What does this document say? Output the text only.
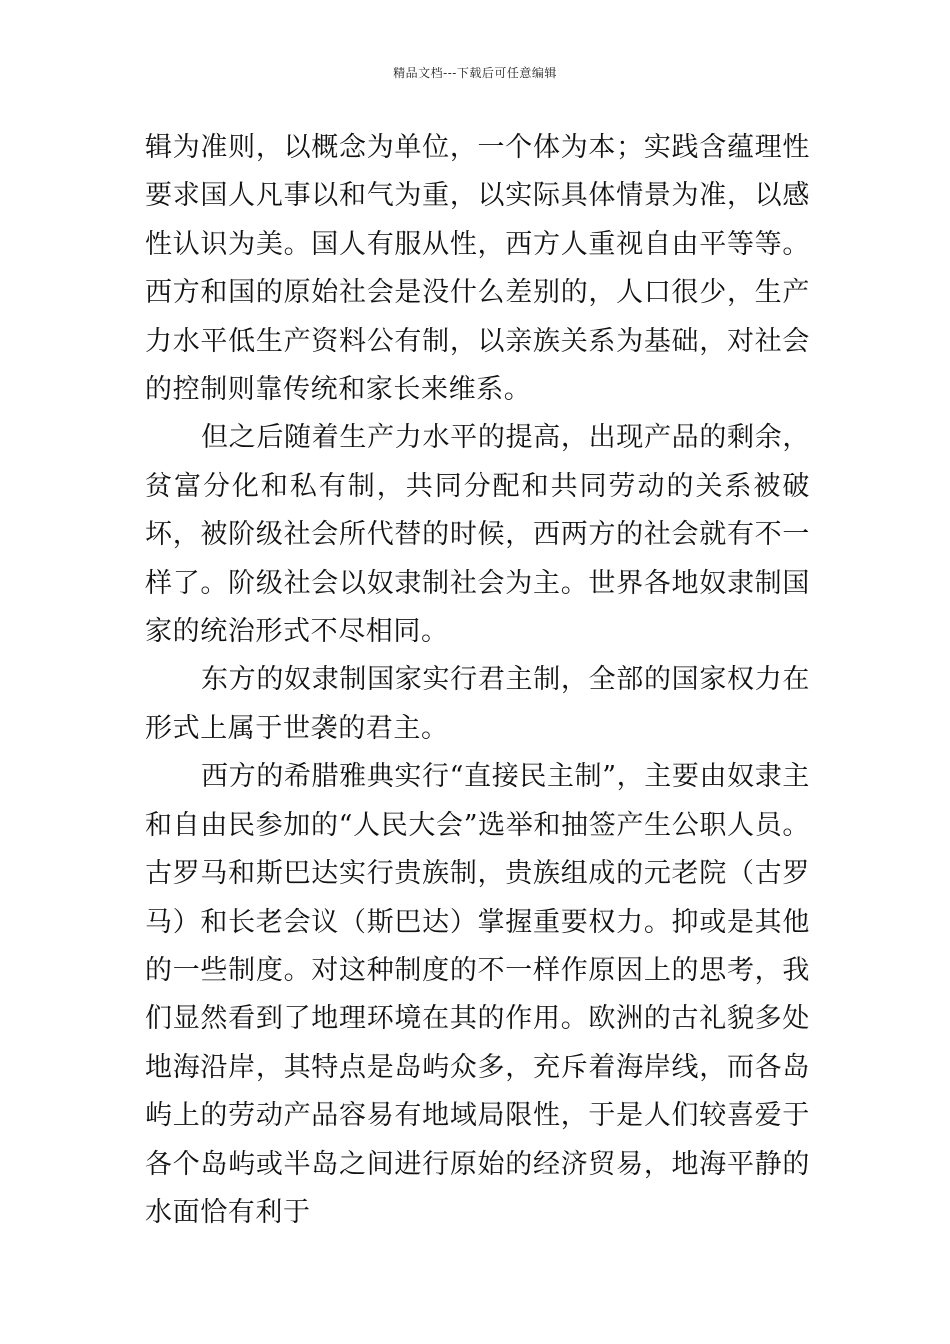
精品文档---下载后可任意编辑

辑为准则，以概念为单位，一个体为本；实践含蕴理性要求国人凡事以和气为重，以实际具体情景为准，以感性认识为美。国人有服从性，西方人重视自由平等等。西方和国的原始社会是没什么差别的，人口很少，生产力水平低生产资料公有制，以亲族关系为基础，对社会的控制则靠传统和家长来维系。

但之后随着生产力水平的提高，出现产品的剩余，贫富分化和私有制，共同分配和共同劳动的关系被破坏，被阶级社会所代替的时候，西两方的社会就有不一样了。阶级社会以奴隶制社会为主。世界各地奴隶制国家的统治形式不尽相同。

东方的奴隶制国家实行君主制，全部的国家权力在形式上属于世袭的君主。

西方的希腊雅典实行“直接民主制”，主要由奴隶主和自由民参加的“人民大会”选举和抽签产生公职人员。古罗马和斯巴达实行贵族制，贵族组成的元老院（古罗马）和长老会议（斯巴达）掌握重要权力。抑或是其他的一些制度。对这种制度的不一样作原因上的思考，我们显然看到了地理环境在其的作用。欧洲的古礼貌多处地海沿岸，其特点是岛屿众多，充斥着海岸线，而各岛屿上的劳动产品容易有地域局限性，于是人们较喜爱于各个岛屿或半岛之间进行原始的经济贸易，地海平静的水面恰有利于
